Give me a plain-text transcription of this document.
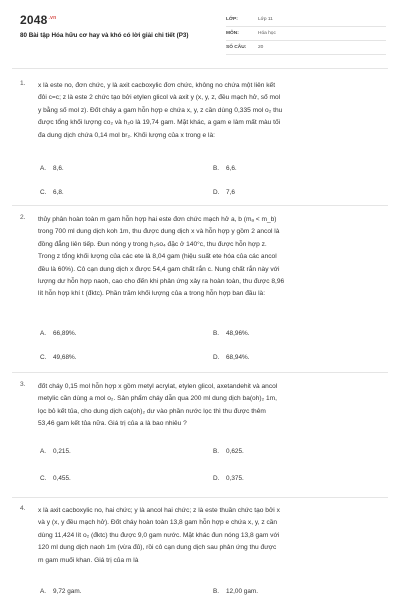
$2048^{.vn}$
80 Bài tập Hóa hữu cơ hay và khó có lời giải chi tiết (P3)
LỚP:	Lớp 11
MÔN:	Hóa học
SỐ CÂU:	20
1. x là este no, đơn chức, y là axit cacboxylic đơn chức, không no chứa một liên kết
đôi c=c; z là este 2 chức tạo bởi etylen glicol và axit y (x, y, z, đều mạch hở, số mol
y bằng số mol z). Đốt cháy a gam hỗn hợp e chứa x, y, z cần dùng 0,335 mol o₂ thu
được tổng khối lượng co₂ và h₂o là 19,74 gam. Mặt khác, a gam e làm mất màu tối
đa dung dịch chứa 0,14 mol br₂. Khối lượng của x trong e là:
A. 8,6.	B. 6,6.
C. 6,8.	D. 7,6
2. thủy phân hoàn toàn m gam hỗn hợp hai este đơn chức mạch hở a, b (mₐ < m_b)
trong 700 ml dung dịch koh 1m, thu được dung dịch x và hỗn hợp y gồm 2 ancol là
đồng đẳng liên tiếp. Đun nóng y trong h₂so₄ đặc ở 140°c, thu được hỗn hợp z.
Trong z tổng khối lượng của các ete là 8,04 gam (hiệu suất ete hóa của các ancol
đều là 60%). Cô cạn dung dịch x được 54,4 gam chất rắn c. Nung chất rắn này với
lượng dư hỗn hợp naoh, cao cho đến khi phản ứng xảy ra hoàn toàn, thu được 8,96
lít hỗn hợp khí t (đktc). Phần trăm khối lượng của a trong hỗn hợp ban đầu là:
A. 66,89%.	B. 48,96%.
C. 49,68%.	D. 68,94%.
3. đốt cháy 0,15 mol hỗn hợp x gồm metyl acrylat, etylen glicol, axetandehit và ancol
metylic cần dùng a mol o₂. Sản phẩm cháy dẫn qua 200 ml dung dịch ba(oh)₂ 1m,
lọc bỏ kết tủa, cho dung dịch ca(oh)₂ dư vào phần nước lọc thì thu được thêm
53,46 gam kết tủa nữa. Giá trị của a là bao nhiêu ?
A. 0,215.	B. 0,625.
C. 0,455.	D. 0,375.
4. x là axit cacboxylic no, hai chức; y là ancol hai chức; z là este thuần chức tạo bởi x
và y (x, y đều mạch hở). Đốt cháy hoàn toàn 13,8 gam hỗn hợp e chứa x, y, z cần
dùng 11,424 lít o₂ (đktc) thu được 9,0 gam nước. Mặt khác đun nóng 13,8 gam với
120 ml dung dịch naoh 1m (vừa đủ), rồi cô cạn dung dịch sau phản ứng thu được
m gam muối khan. Giá trị của m là
A. 9,72 gam.	B. 12,00 gam.
